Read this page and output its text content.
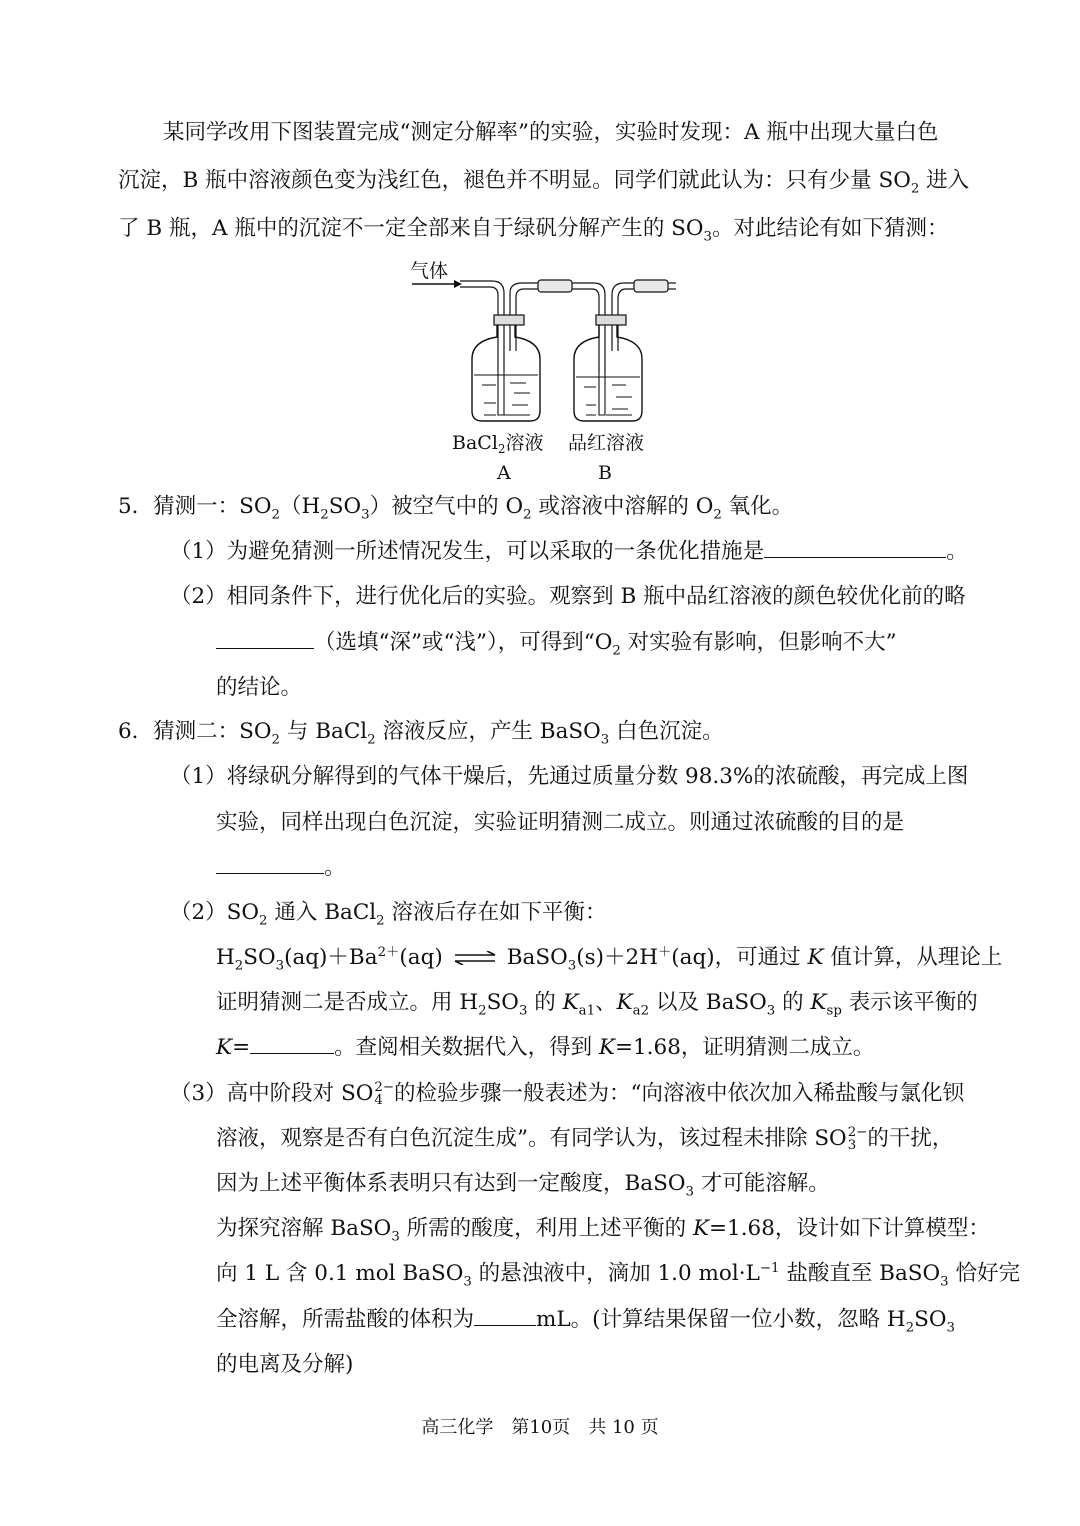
某同学改用下图装置完成“测定分解率”的实验，实验时发现：A 瓶中出现大量白色
沉淀，B 瓶中溶液颜色变为浅红色，褪色并不明显。同学们就此认为：只有少量 $SO_2$ 进入
了 B 瓶，A 瓶中的沉淀不一定全部来自于绿矾分解产生的 $SO_3$。对此结论有如下猜测：
气体
BaCl$_2$溶液 品红溶液
A	B
5．猜测一：$SO_2(H_2SO_3)$被空气中的 $O_2$ 或溶液中溶解的 $O_2$ 氧化。
（1）为避免猜测一所述情况发生，可以采取的一条优化措施是	。
（2）相同条件下，进行优化后的实验。观察到 B 瓶中品红溶液的颜色较优化前的略
（选填“深”或“浅”），可得到“$O_2$ 对实验有影响，但影响不大”
的结论。
6．猜测二：$SO_2$ 与 BaCl$_2$ 溶液反应，产生 BaSO$_3$ 白色沉淀。
（1）将绿矾分解得到的气体干燥后，先通过质量分数 98.3%的浓硫酸，再完成上图
实验，同样出现白色沉淀，实验证明猜测二成立。则通过浓硫酸的目的是
。
$(2)SO_2$ 通入 BaCl$_2$ 溶液后存在如下平衡：
$H_2SO_3(aq)+Ba^{2+}(aq)$ ⇌ BaSO$_3$(s)＋2H＋(aq)，可通过 K 值计算，从理论上
证明猜测二是否成立。用 $H_2SO_3$ 的 $K_{a1}$、$K_{a2}$ 以及 BaSO$_3$ 的 $K_{sp}$ 表示该平衡的
K=	。查阅相关数据代入，得到 K=1.68，证明猜测二成立。
（3）高中阶段对 SO 2−
4 的检验步骤一般表述为：“向溶液中依次加入稀盐酸与氯化钡
溶液，观察是否有白色沉淀生成”。有同学认为，该过程未排除 SO 2−
3 的干扰，
因为上述平衡体系表明只有达到一定酸度，BaSO$_3$ 才可能溶解。
为探究溶解 BaSO$_3$ 所需的酸度，利用上述平衡的 K=1.68，设计如下计算模型：
向 1 L 含 0.1 mol BaSO$_3$ 的悬浊液中，滴加 1.0 $mol\cdot L^{-1}$ 盐酸直至 BaSO$_3$ 恰好完
全溶解，所需盐酸的体积为	mL。(计算结果保留一位小数，忽略 $H_2SO_3$
的电离及分解)
高三化学　第10页　共 10 页
